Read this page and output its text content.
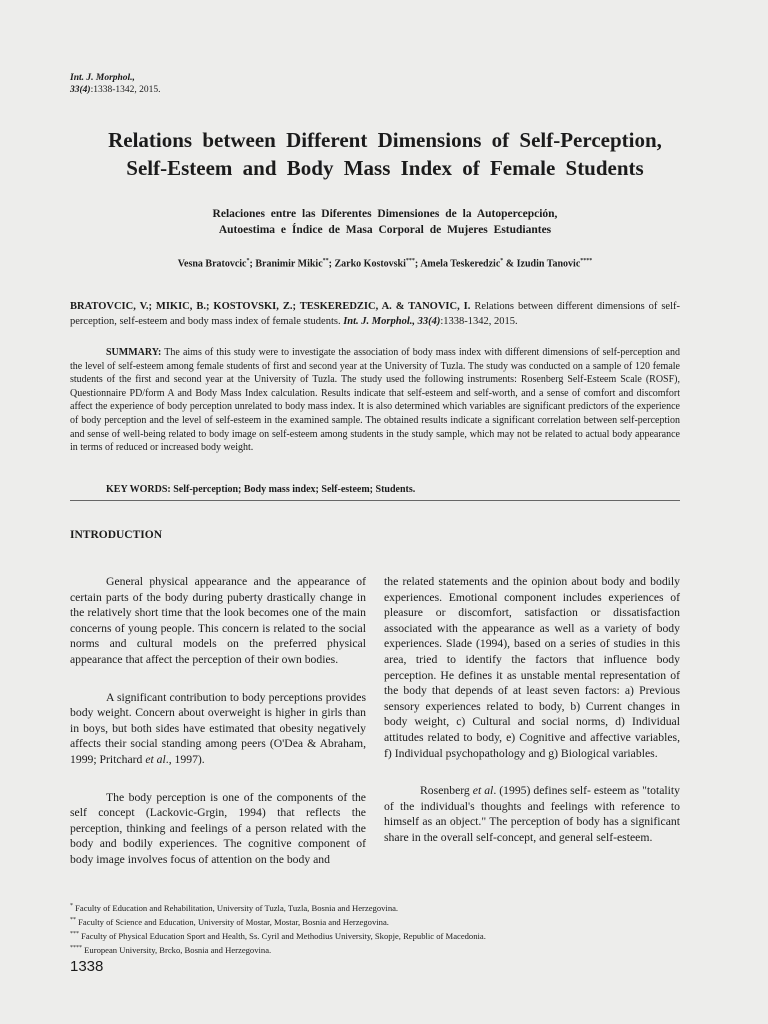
Int. J. Morphol.,
33(4):1338-1342, 2015.
Relations between Different Dimensions of Self-Perception,
Self-Esteem and Body Mass Index of Female Students
Relaciones entre las Diferentes Dimensiones de la Autopercepción,
Autoestima e Índice de Masa Corporal de Mujeres Estudiantes
Vesna Bratovcic*; Branimir Mikic**; Zarko Kostovski***; Amela Teskeredzic* & Izudin Tanovic****
BRATOVCIC, V.; MIKIC, B.; KOSTOVSKI, Z.; TESKEREDZIC, A. & TANOVIC, I. Relations between different dimensions of self-perception, self-esteem and body mass index of female students. Int. J. Morphol., 33(4):1338-1342, 2015.
SUMMARY: The aims of this study were to investigate the association of body mass index with different dimensions of self-perception and the level of self-esteem among female students of first and second year at the University of Tuzla. The study was conducted on a sample of 120 female students of the first and second year at the University of Tuzla. The study used the following instruments: Rosenberg Self-Esteem Scale (ROSF), Questionnaire PD/form A and Body Mass Index calculation. Results indicate that self-esteem and self-worth, and a sense of comfort and discomfort affect the experience of body perception unrelated to body mass index. It is also determined which variables are significant predictors of the experience of body perception and the level of self-esteem in the examined sample. The obtained results indicate a significant correlation between self-perception and sense of well-being related to body image on self-esteem among students in the study sample, which may not be related to actual body appearance in terms of reduced or increased body weight.
KEY WORDS: Self-perception; Body mass index; Self-esteem; Students.
INTRODUCTION

General physical appearance and the appearance of certain parts of the body during puberty drastically change in the relatively short time that the look becomes one of the main concerns of young people. This concern is related to the social norms and cultural models on the preferred physical appearance that affect the perception of their own bodies.

A significant contribution to body perceptions provides body weight. Concern about overweight is higher in girls than in boys, but both sides have estimated that obesity negatively affects their social standing among peers (O'Dea & Abraham, 1999; Pritchard et al., 1997).

The body perception is one of the components of the self concept (Lackovic-Grgin, 1994) that reflects the perception, thinking and feelings of a person related with the body and bodily experiences. The cognitive component of body image involves focus of attention on the body and

the related statements and the opinion about body and bodily experiences. Emotional component includes experiences of pleasure or discomfort, satisfaction or dissatisfaction associated with the appearance as well as a variety of body experiences. Slade (1994), based on a series of studies in this area, tried to identify the factors that influence body perception. He defines it as unstable mental representation of the body that depends of at least seven factors: a) Previous sensory experiences related to body, b) Current changes in body weight, c) Cultural and social norms, d) Individual attitudes related to body, e) Cognitive and affective variables, f) Individual psychopathology and g) Biological variables.

Rosenberg et al. (1995) defines self- esteem as "totality of the individual's thoughts and feelings with reference to himself as an object." The perception of body has a significant share in the overall self-concept, and general self-esteem.

* Faculty of Education and Rehabilitation, University of Tuzla, Tuzla, Bosnia and Herzegovina.
** Faculty of Science and Education, University of Mostar, Mostar, Bosnia and Herzegovina.
*** Faculty of Physical Education Sport and Health, Ss. Cyril and Methodius University, Skopje, Republic of Macedonia.
**** European University, Brcko, Bosnia and Herzegovina.
1338
